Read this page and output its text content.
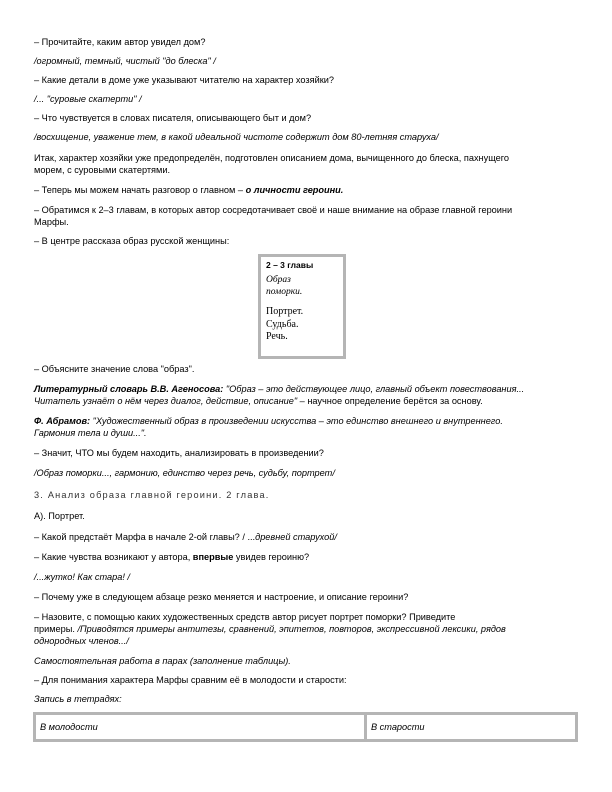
– Прочитайте, каким автор увидел дом?
/огромный, темный, чистый "до блеска" /
– Какие детали в доме уже указывают читателю на характер хозяйки?
/... "суровые скатерти" /
– Что чувствуется в словах писателя, описывающего быт и дом?
/восхищение, уважение тем, в какой идеальной чистоте содержит дом 80-летняя старуха/
Итак, характер хозяйки уже предопределён, подготовлен описанием дома, вычищенного до блеска, пахнущего
морем, с суровыми скатертями.
– Теперь мы можем начать разговор о главном – о личности героини.
– Обратимся к 2–3 главам, в которых автор сосредотачивает своё и наше внимание на образе главной героини
Марфы.
– В центре рассказа образ русской женщины:
2 – 3 главы
Образ
поморки.
Портрет.
Судьба.
Речь.
– Объясните значение слова "образ".
Литературный словарь В.В. Агеносова: "Образ – это действующее лицо, главный объект повествования...
Читатель узнаёт о нём через диалог, действие, описание" – научное определение берётся за основу.
Ф. Абрамов: "Художественный образ в произведении искусства – это единство внешнего и внутреннего.
Гармония тела и души...".
– Значит, ЧТО мы будем находить, анализировать в произведении?
/Образ поморки..., гармонию, единство через речь, судьбу, портрет/
3. Анализ образа главной героини. 2 глава.
А). Портрет.
– Какой предстаёт Марфа в начале 2-ой главы? / ...древней старухой/
– Какие чувства возникают у автора, впервые увидев героиню?
/...жутко! Как стара! /
– Почему уже в следующем абзаце резко меняется и настроение, и описание героини?
– Назовите, с помощью каких художественных средств автор рисует портрет поморки? Приведите
примеры. /Приводятся примеры антитезы, сравнений, эпитетов, повторов, экспрессивной лексики, рядов
однородных членов.../
Самостоятельная работа в парах (заполнение таблицы).
– Для понимания характера Марфы сравним её в молодости и старости:
Запись в тетрадях:
В молодости	В старости
